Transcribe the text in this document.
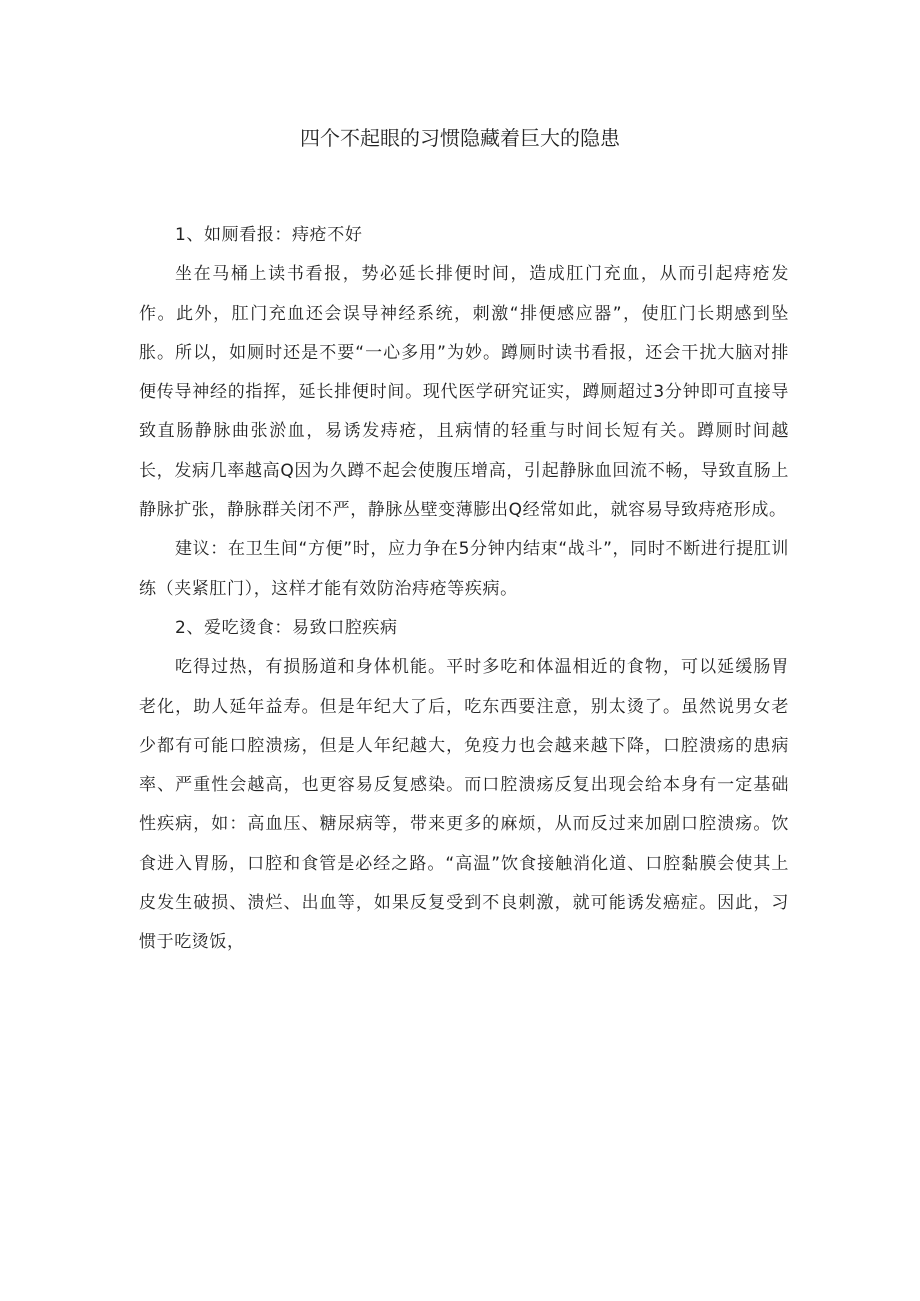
四个不起眼的习惯隐藏着巨大的隐患

1、如厕看报：痔疮不好

坐在马桶上读书看报，势必延长排便时间，造成肛门充血，从而引起痔疮发作。此外，肛门充血还会误导神经系统，刺激“排便感应器”，使肛门长期感到坠胀。所以，如厕时还是不要“一心多用”为妙。蹲厕时读书看报，还会干扰大脑对排便传导神经的指挥，延长排便时间。现代医学研究证实，蹲厕超过3分钟即可直接导致直肠静脉曲张淤血，易诱发痔疮，且病情的轻重与时间长短有关。蹲厕时间越长，发病几率越高Q因为久蹲不起会使腹压增高，引起静脉血回流不畅，导致直肠上静脉扩张，静脉群关闭不严，静脉丛壁变薄膨出Q经常如此，就容易导致痔疮形成。

建议：在卫生间“方便”时，应力争在5分钟内结束“战斗”，同时不断进行提肛训练（夹紧肛门），这样才能有效防治痔疮等疾病。

2、爱吃烫食：易致口腔疾病

吃得过热，有损肠道和身体机能。平时多吃和体温相近的食物，可以延缓肠胃老化，助人延年益寿。但是年纪大了后，吃东西要注意，别太烫了。虽然说男女老少都有可能口腔溃疡，但是人年纪越大，免疫力也会越来越下降，口腔溃疡的患病率、严重性会越高，也更容易反复感染。而口腔溃疡反复出现会给本身有一定基础性疾病，如：高血压、糖尿病等，带来更多的麻烦，从而反过来加剧口腔溃疡。饮食进入胃肠，口腔和食管是必经之路。“高温”饮食接触消化道、口腔黏膜会使其上皮发生破损、溃烂、出血等，如果反复受到不良刺激，就可能诱发癌症。因此，习惯于吃烫饭，
